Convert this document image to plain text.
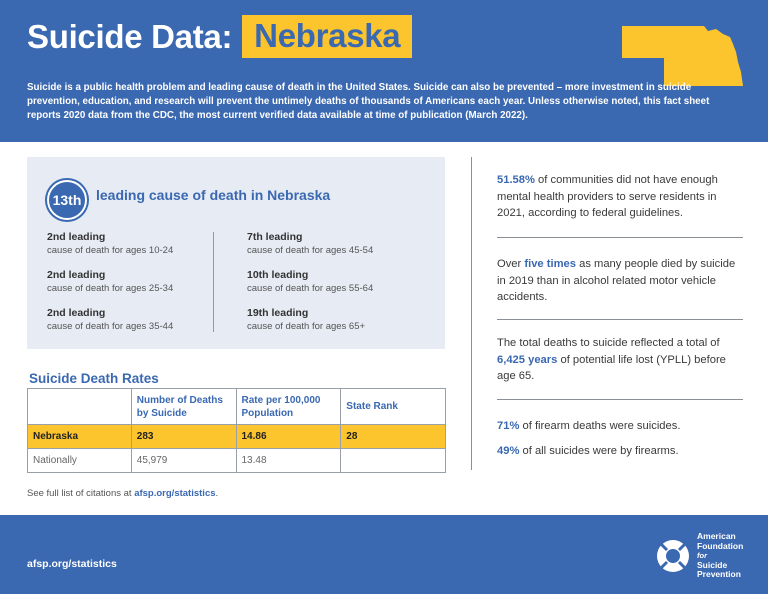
Suicide Data: Nebraska

Suicide is a public health problem and leading cause of death in the United States. Suicide can also be prevented – more investment in suicide prevention, education, and research will prevent the untimely deaths of thousands of Americans each year. Unless otherwise noted, this fact sheet reports 2020 data from the CDC, the most current verified data available at time of publication (March 2022).

13th	leading cause of death in Nebraska
2nd leading
cause of death for ages 10-24
2nd leading
cause of death for ages 25-34
2nd leading
cause of death for ages 35-44
7th leading
cause of death for ages 45-54
10th leading
cause of death for ages 55-64
19th leading
cause of death for ages 65+
Suicide Death Rates
	Number of Deaths by Suicide	Rate per 100,000 Population	State Rank
Nebraska	283	14.86	28
Nationally	45,979	13.48	
See full list of citations at afsp.org/statistics.

51.58% of communities did not have enough mental health providers to serve residents in 2021, according to federal guidelines.

Over five times as many people died by suicide in 2019 than in alcohol related motor vehicle accidents.

The total deaths to suicide reflected a total of 6,425 years of potential life lost (YPLL) before age 65.

71% of firearm deaths were suicides.

49% of all suicides were by firearms.

afsp.org/statistics
American
Foundation
for
Suicide
Prevention
